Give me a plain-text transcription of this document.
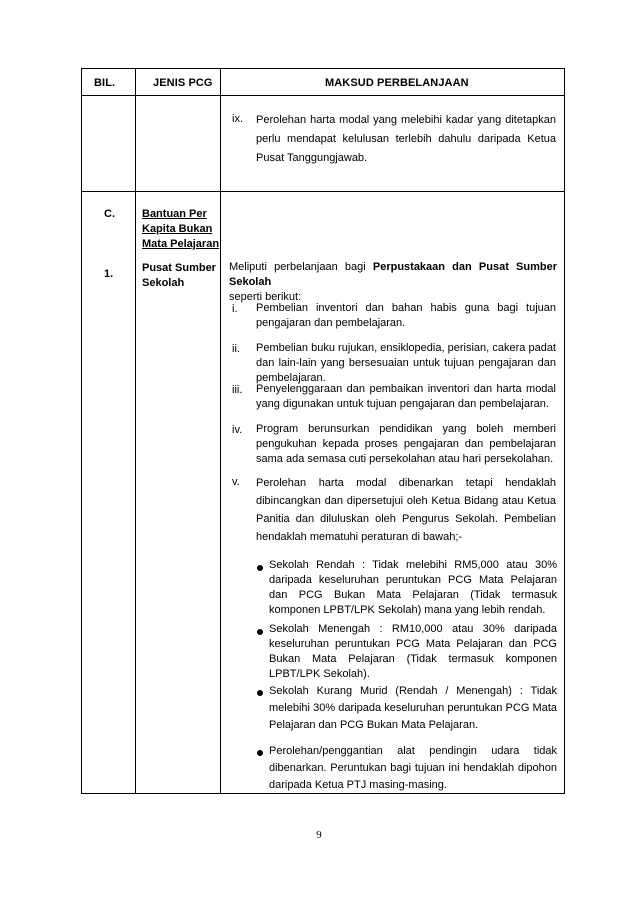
BIL.	JENIS PCG	MAKSUD PERBELANJAAN
ix. Perolehan harta modal yang melebihi kadar yang ditetapkan perlu mendapat kelulusan terlebih dahulu daripada Ketua Pusat Tanggungjawab.
C.
1.
Bantuan Per
Kapita Bukan
Mata Pelajaran
Pusat Sumber
Sekolah
Meliputi perbelanjaan bagi Perpustakaan dan Pusat Sumber Sekolah
seperti berikut:
i. Pembelian inventori dan bahan habis guna bagi tujuan pengajaran dan pembelajaran.
ii. Pembelian buku rujukan, ensiklopedia, perisian, cakera padat dan lain-lain yang bersesuaian untuk tujuan pengajaran dan pembelajaran.
iii. Penyelenggaraan dan pembaikan inventori dan harta modal yang digunakan untuk tujuan pengajaran dan pembelajaran.
iv. Program berunsurkan pendidikan yang boleh memberi pengukuhan kepada proses pengajaran dan pembelajaran sama ada semasa cuti persekolahan atau hari persekolahan.
v. Perolehan harta modal dibenarkan tetapi hendaklah dibincangkan dan dipersetujui oleh Ketua Bidang atau Ketua Panitia dan diluluskan oleh Pengurus Sekolah. Pembelian hendaklah mematuhi peraturan di bawah;-
Sekolah Rendah : Tidak melebihi RM5,000 atau 30% daripada keseluruhan peruntukan PCG Mata Pelajaran dan PCG Bukan Mata Pelajaran (Tidak termasuk komponen LPBT/LPK Sekolah) mana yang lebih rendah.
Sekolah Menengah : RM10,000 atau 30% daripada keseluruhan peruntukan PCG Mata Pelajaran dan PCG Bukan Mata Pelajaran (Tidak termasuk komponen LPBT/LPK Sekolah).
Sekolah Kurang Murid (Rendah / Menengah) : Tidak melebihi 30% daripada keseluruhan peruntukan PCG Mata Pelajaran dan PCG Bukan Mata Pelajaran.
Perolehan/penggantian alat pendingin udara tidak dibenarkan. Peruntukan bagi tujuan ini hendaklah dipohon daripada Ketua PTJ masing-masing.
9
